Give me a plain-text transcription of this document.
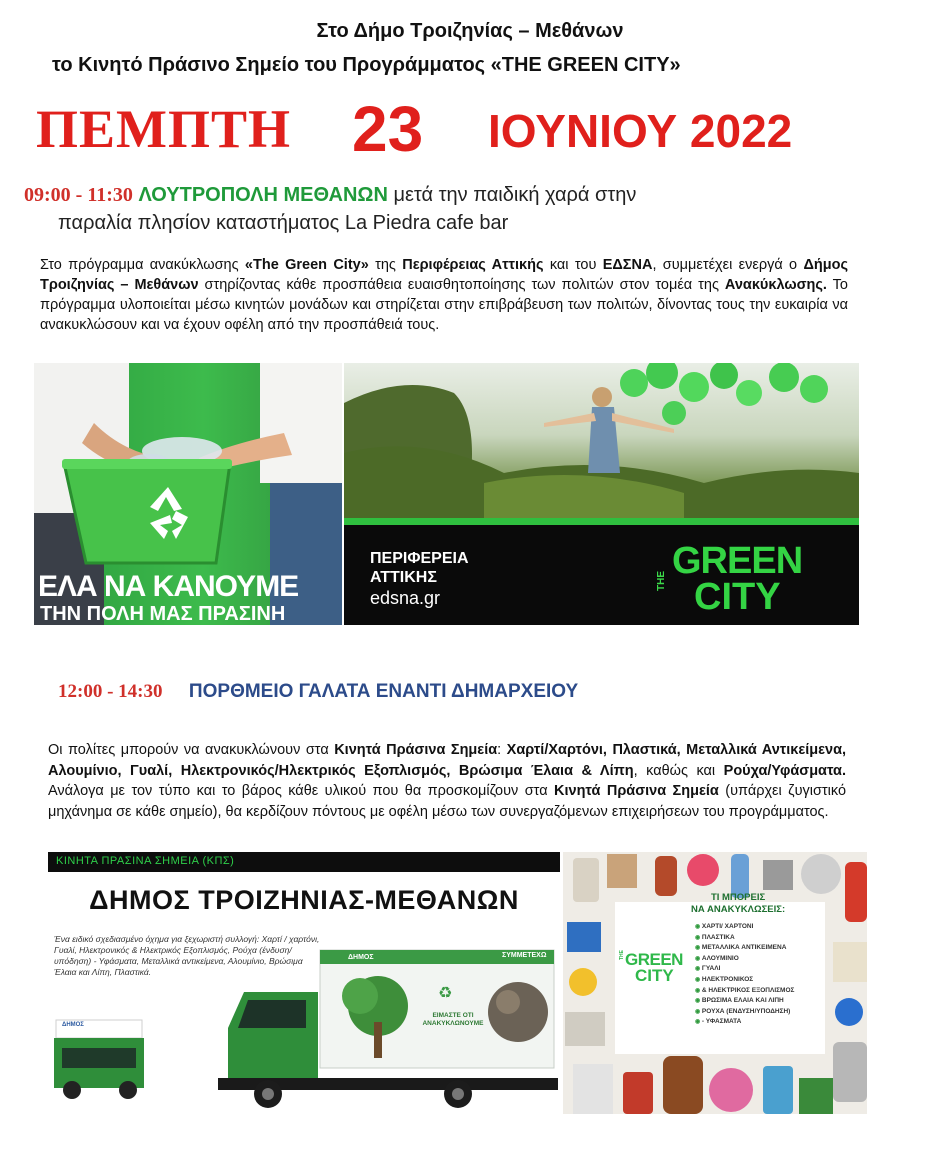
Στο Δήμο Τροιζηνίας – Μεθάνων
το Κινητό Πράσινο Σημείο του Προγράμματος «THE GREEN CITY»
ΠΕΜΠΤΗ 23 ΙΟΥΝΙΟΥ 2022
09:00 - 11:30 ΛΟΥΤΡΟΠΟΛΗ ΜΕΘΑΝΩΝ μετά την παιδική χαρά στην
παραλία πλησίον καταστήματος La Piedra cafe bar

Στο πρόγραμμα ανακύκλωσης «The Green City» της Περιφέρειας Αττικής και του ΕΔΣΝΑ, συμμετέχει ενεργά ο Δήμος Τροιζηνίας – Μεθάνων στηρίζοντας κάθε προσπάθεια ευαισθητοποίησης των πολιτών στον τομέα της Ανακύκλωσης. Το πρόγραμμα υλοποιείται μέσω κινητών μονάδων και στηρίζεται στην επιβράβευση των πολιτών, δίνοντας τους την ευκαιρία να ανακυκλώσουν και να έχουν οφέλη από την προσπάθειά τους.

ΕΛΑ ΝΑ ΚΑΝΟΥΜΕ
ΤΗΝ ΠΟΛΗ ΜΑΣ ΠΡΑΣΙΝΗ
ΠΕΡΙΦΕΡΕΙΑ
ΑΤΤΙΚΗΣ
edsna.gr
THE GREEN
CITY
12:00 - 14:30 ΠΟΡΘΜΕΙΟ ΓΑΛΑΤΑ ΕΝΑΝΤΙ ΔΗΜΑΡΧΕΙΟΥ

Οι πολίτες μπορούν να ανακυκλώνουν στα Κινητά Πράσινα Σημεία: Χαρτί/Χαρτόνι, Πλαστικά, Μεταλλικά Αντικείμενα, Αλουμίνιο, Γυαλί, Ηλεκτρονικός/Ηλεκτρικός Εξοπλισμός, Βρώσιμα Έλαια & Λίπη, καθώς και Ρούχα/Υφάσματα. Ανάλογα με τον τύπο και το βάρος κάθε υλικού που θα προσκομίζουν στα Κινητά Πράσινα Σημεία (υπάρχει ζυγιστικό μηχάνημα σε κάθε σημείο), θα κερδίζουν πόντους με οφέλη μέσω των συνεργαζόμενων επιχειρήσεων του προγράμματος.

ΚΙΝΗΤΑ ΠΡΑΣΙΝΑ ΣΗΜΕΙΑ (ΚΠΣ)
ΔΗΜΟΣ ΤΡΟΙΖΗΝΙΑΣ-ΜΕΘΑΝΩΝ
Ένα ειδικό σχεδιασμένο όχημα για ξεχωριστή συλλογή: Χαρτί / χαρτόνι, Γυαλί, Ηλεκτρονικός & Ηλεκτρικός Εξοπλισμός, Ρούχα (ένδυση/υπόδηση) - Υφάσματα, Μεταλλικά αντικείμενα, Αλουμίνιο, Βρώσιμα Έλαια και Λίπη, Πλαστικά.
♻
ΔΗΜΟΣ
ΔΗΜΟΣ	ΣΥΜΜΕΤΕΧΩ
ΕΙΜΑΣΤΕ ΟΤΙ ΑΝΑΚΥΚΛΩΝΟΥΜΕ
ΤΙ ΜΠΟΡΕΙΣ
ΝΑ ΑΝΑΚΥΚΛΩΣΕΙΣ:
◉ ΧΑΡΤΙ/ ΧΑΡΤΟΝΙ
◉ ΠΛΑΣΤΙΚΑ
◉ ΜΕΤΑΛΛΙΚΑ ΑΝΤΙΚΕΙΜΕΝΑ
◉ ΑΛΟΥΜΙΝΙΟ
◉ ΓΥΑΛΙ
◉ ΗΛΕΚΤΡΟΝΙΚΟΣ
◉ & ΗΛΕΚΤΡΙΚΟΣ ΕΞΟΠΛΙΣΜΟΣ
◉ ΒΡΩΣΙΜΑ ΕΛΑΙΑ ΚΑΙ ΛΙΠΗ
◉ ΡΟΥΧΑ (ΕΝΔΥΣΗ/ΥΠΟΔΗΣΗ)
◉ - ΥΦΑΣΜΑΤΑ
THE GREEN
CITY
